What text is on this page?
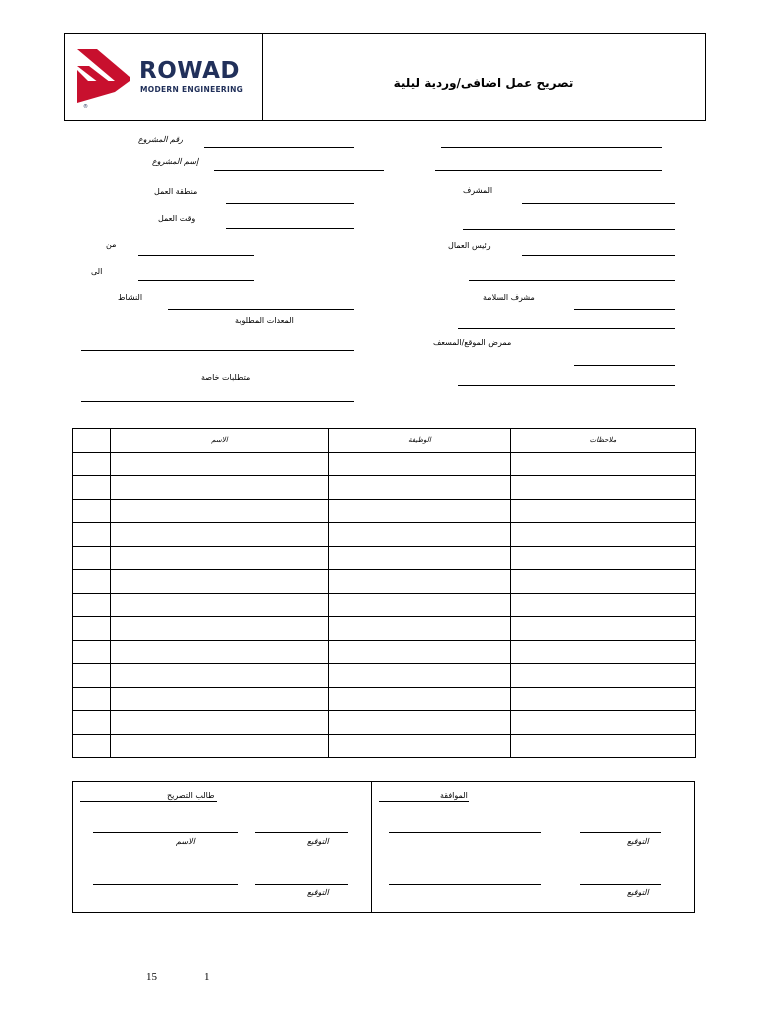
®
ROWAD
MODERN ENGINEERING	تصريح عمل اضافى/وردية ليلية
رقم المشروع
إسم المشروع
منطقة العمل
وقت العمل
من
الى
النشاط
المعدات المطلوبة
متطلبات خاصة
المشرف
رئيس العمال
مشرف السلامة
ممرض الموقع/المسعف
	الاسم	الوظيفة	ملاحظات

طالب التصريح	الموافقة
الاسم	التوقيع	التوقيع
التوقيع	التوقيع
15	1
